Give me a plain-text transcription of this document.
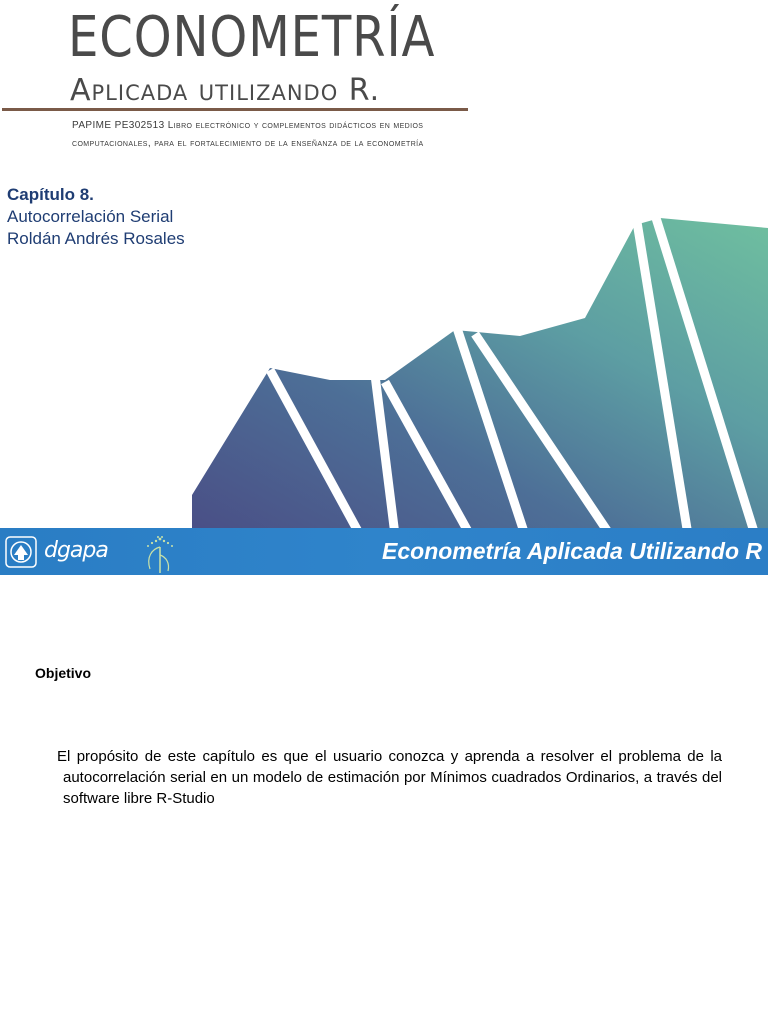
ECONOMETRÍA
Aplicada utilizando R.
PAPIME PE302513 Libro electrónico y complementos didácticos en medios computacionales, para el fortalecimiento de la enseñanza de la econometría
Capítulo 8.
Autocorrelación Serial
Roldán Andrés Rosales
dgapa	Econometría Aplicada Utilizando R
Objetivo

El propósito de este capítulo es que el usuario conozca y aprenda a resolver el problema de la autocorrelación serial en un modelo de estimación por Mínimos cuadrados Ordinarios, a través del software libre R-Studio
